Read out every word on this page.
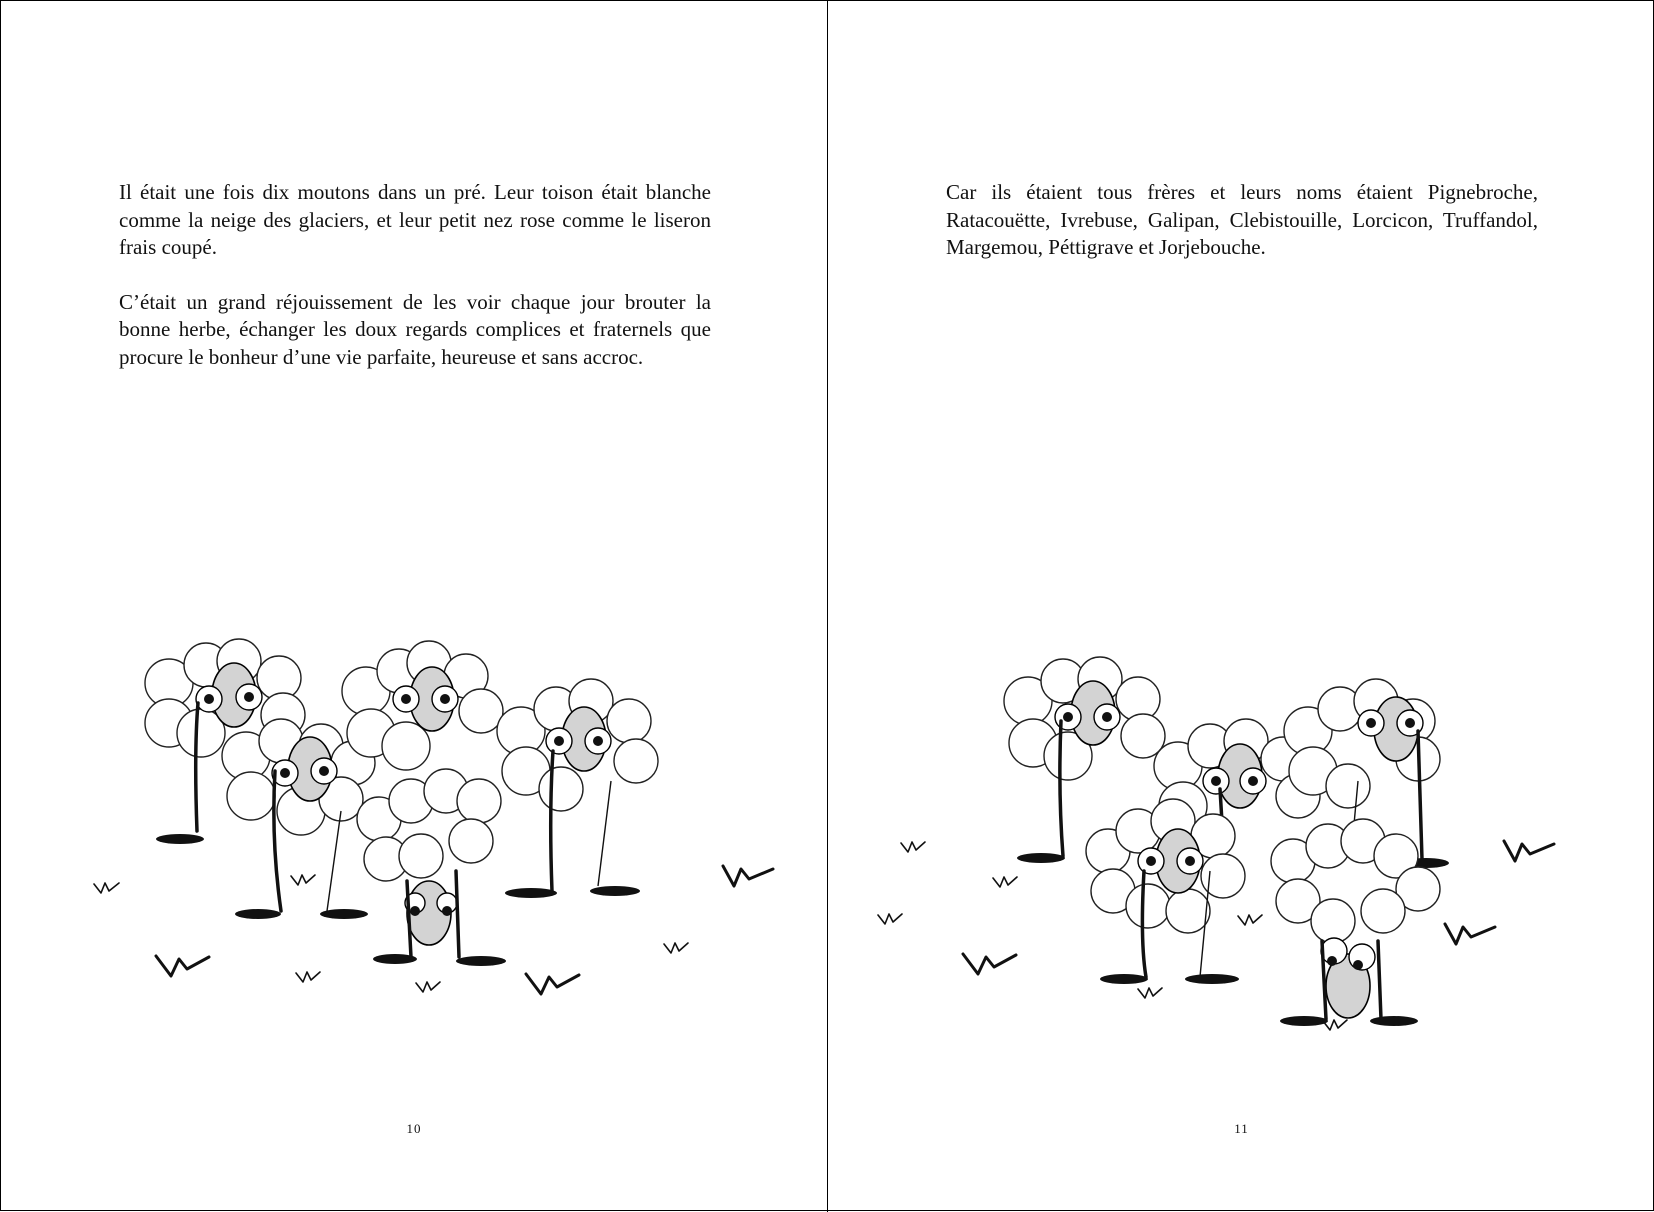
Il était une fois dix moutons dans un pré. Leur toison était blanche comme la neige des glaciers, et leur petit nez rose comme le liseron frais coupé.

C’était un grand réjouissement de les voir chaque jour brouter la bonne herbe, échanger les doux regards complices et fraternels que procure le bonheur d’une vie parfaite, heureuse et sans accroc.

10

Car ils étaient tous frères et leurs noms étaient Pignebroche, Ratacouëtte, Ivrebuse, Galipan, Clebistouille, Lorcicon, Truffandol, Margemou, Péttigrave et Jorjebouche.

11
